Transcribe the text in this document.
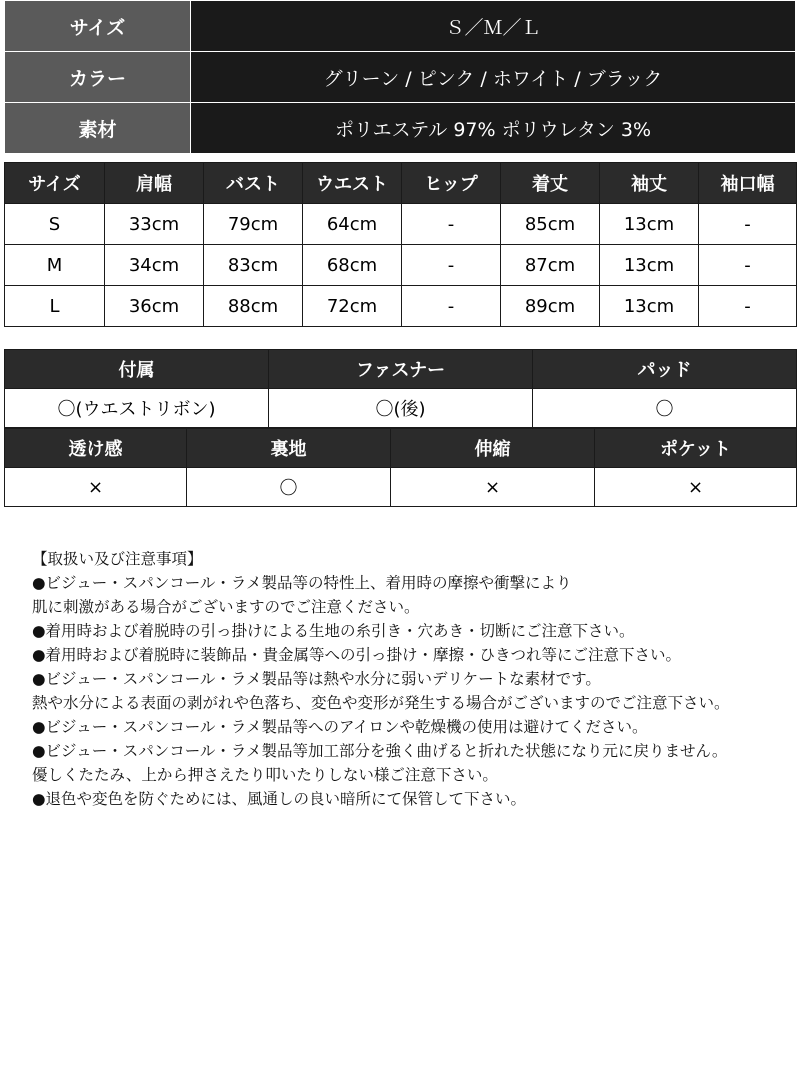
サイズ	Ｓ／Ｍ／Ｌ
カラー	グリーン / ピンク / ホワイト / ブラック
素材	ポリエステル 97% ポリウレタン 3%
サイズ	肩幅	バスト	ウエスト	ヒップ	着丈	袖丈	袖口幅
S	33cm	79cm	64cm	-	85cm	13cm	-
M	34cm	83cm	68cm	-	87cm	13cm	-
L	36cm	88cm	72cm	-	89cm	13cm	-
付属	ファスナー	パッド
〇(ウエストリボン)	〇(後)	〇
透け感	裏地	伸縮	ポケット
×	〇	×	×
【取扱い及び注意事項】
●ビジュー・スパンコール・ラメ製品等の特性上、着用時の摩擦や衝撃により
肌に刺激がある場合がございますのでご注意ください。
●着用時および着脱時の引っ掛けによる生地の糸引き・穴あき・切断にご注意下さい。
●着用時および着脱時に装飾品・貴金属等への引っ掛け・摩擦・ひきつれ等にご注意下さい。
●ビジュー・スパンコール・ラメ製品等は熱や水分に弱いデリケートな素材です。
熱や水分による表面の剥がれや色落ち、変色や変形が発生する場合がございますのでご注意下さい。
●ビジュー・スパンコール・ラメ製品等へのアイロンや乾燥機の使用は避けてください。
●ビジュー・スパンコール・ラメ製品等加工部分を強く曲げると折れた状態になり元に戻りません。
優しくたたみ、上から押さえたり叩いたりしない様ご注意下さい。
●退色や変色を防ぐためには、風通しの良い暗所にて保管して下さい。
